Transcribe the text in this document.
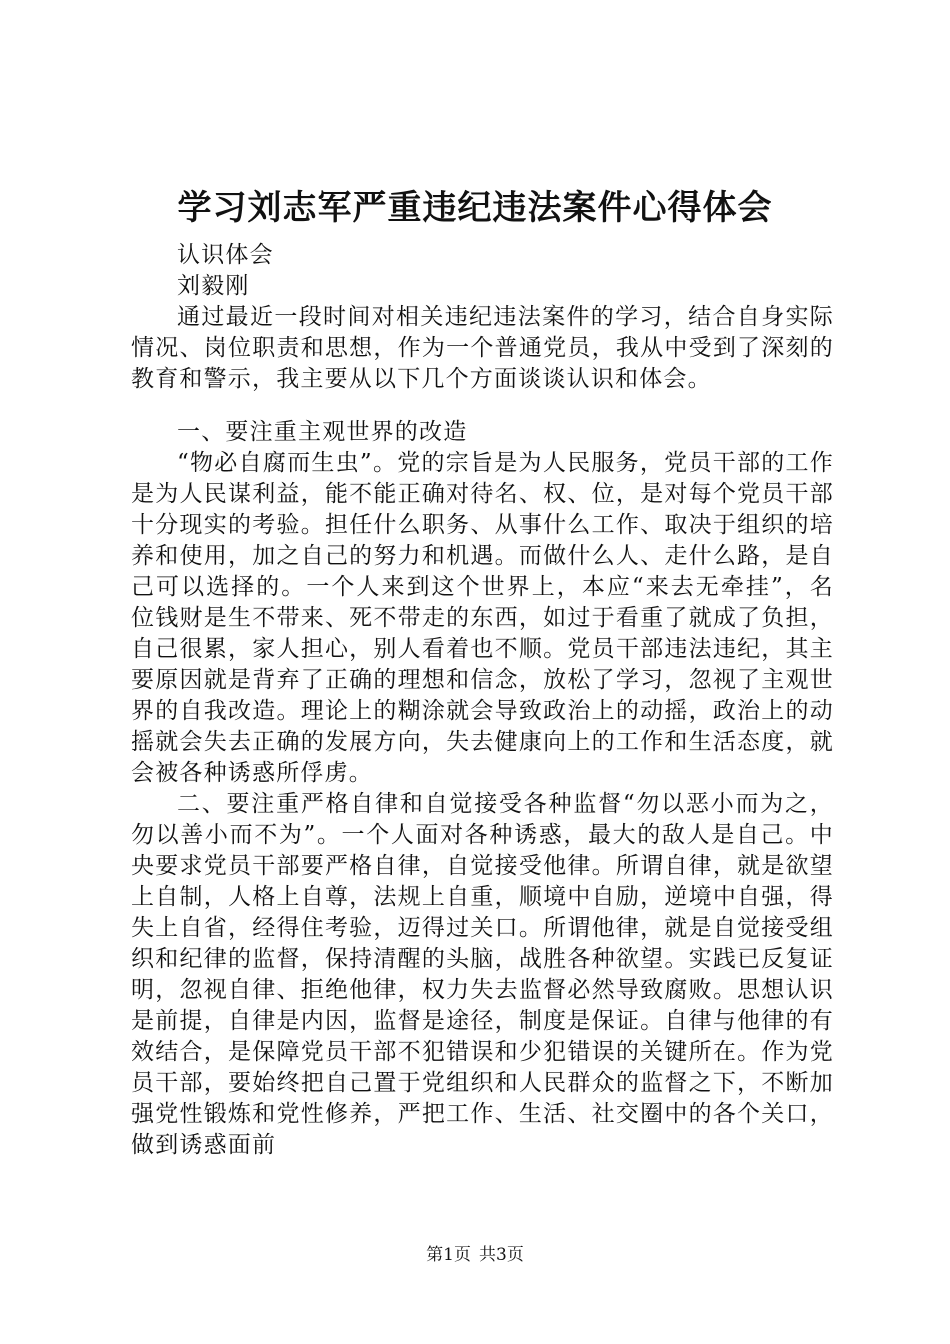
学习刘志军严重违纪违法案件心得体会

认识体会

刘毅刚

通过最近一段时间对相关违纪违法案件的学习，结合自身实际情况、岗位职责和思想，作为一个普通党员，我从中受到了深刻的教育和警示，我主要从以下几个方面谈谈认识和体会。

一、要注重主观世界的改造

“物必自腐而生虫”。党的宗旨是为人民服务，党员干部的工作是为人民谋利益，能不能正确对待名、权、位，是对每个党员干部十分现实的考验。担任什么职务、从事什么工作、取决于组织的培养和使用，加之自己的努力和机遇。而做什么人、走什么路，是自己可以选择的。一个人来到这个世界上，本应“来去无牵挂”，名位钱财是生不带来、死不带走的东西，如过于看重了就成了负担，自己很累，家人担心，别人看着也不顺。党员干部违法违纪，其主要原因就是背弃了正确的理想和信念，放松了学习，忽视了主观世界的自我改造。理论上的糊涂就会导致政治上的动摇，政治上的动摇就会失去正确的发展方向，失去健康向上的工作和生活态度，就会被各种诱惑所俘虏。

二、要注重严格自律和自觉接受各种监督“勿以恶小而为之，勿以善小而不为”。一个人面对各种诱惑，最大的敌人是自己。中央要求党员干部要严格自律，自觉接受他律。所谓自律，就是欲望上自制，人格上自尊，法规上自重，顺境中自励，逆境中自强，得失上自省，经得住考验，迈得过关口。所谓他律，就是自觉接受组织和纪律的监督，保持清醒的头脑，战胜各种欲望。实践已反复证明，忽视自律、拒绝他律，权力失去监督必然导致腐败。思想认识是前提，自律是内因，监督是途径，制度是保证。自律与他律的有效结合，是保障党员干部不犯错误和少犯错误的关键所在。作为党员干部，要始终把自己置于党组织和人民群众的监督之下，不断加强党性锻炼和党性修养，严把工作、生活、社交圈中的各个关口，做到诱惑面前

第1页 共3页
